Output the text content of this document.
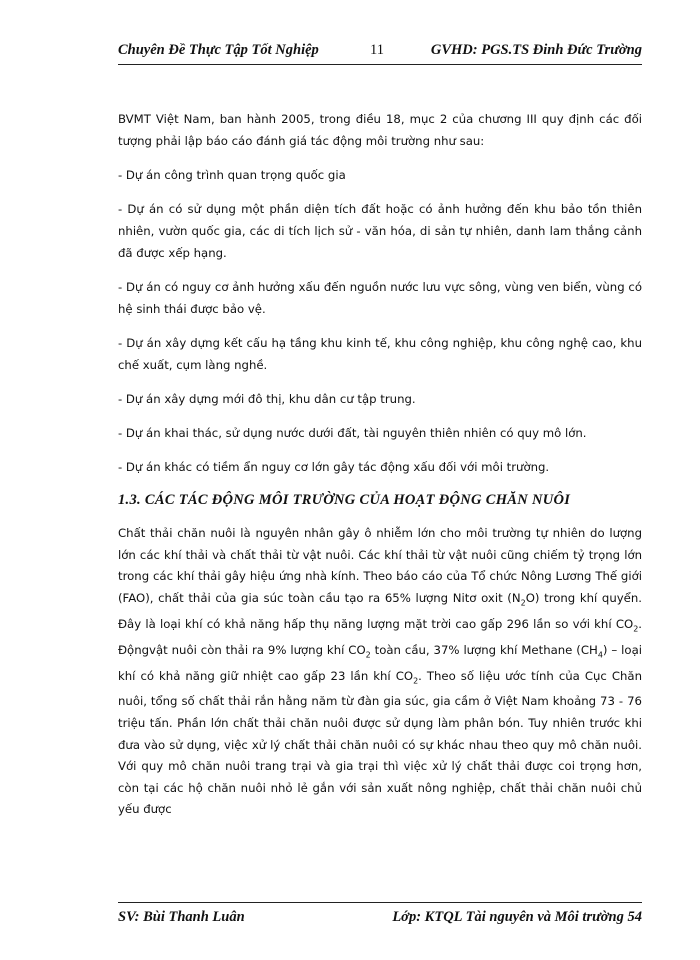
Chuyên Đề Thực Tập Tốt Nghiệp	11	GVHD: PGS.TS Đinh Đức Trường

BVMT Việt Nam, ban hành 2005, trong điều 18, mục 2 của chương III quy định các đối tượng phải lập báo cáo đánh giá tác động môi trường như sau:

- Dự án công trình quan trọng quốc gia

- Dự án có sử dụng một phần diện tích đất hoặc có ảnh hưởng đến khu bảo tồn thiên nhiên, vườn quốc gia, các di tích lịch sử - văn hóa, di sản tự nhiên, danh lam thắng cảnh đã được xếp hạng.

- Dự án có nguy cơ ảnh hưởng xấu đến nguồn nước lưu vực sông, vùng ven biển, vùng có hệ sinh thái được bảo vệ.

- Dự án xây dựng kết cấu hạ tầng khu kinh tế, khu công nghiệp, khu công nghệ cao, khu chế xuất, cụm làng nghề.

- Dự án xây dựng mới đô thị, khu dân cư tập trung.

- Dự án khai thác, sử dụng nước dưới đất, tài nguyên thiên nhiên có quy mô lớn.

- Dự án khác có tiềm ẩn nguy cơ lớn gây tác động xấu đối với môi trường.

1.3. CÁC TÁC ĐỘNG MÔI TRƯỜNG CỦA HOẠT ĐỘNG CHĂN NUÔI

Chất thải chăn nuôi là nguyên nhân gây ô nhiễm lớn cho môi trường tự nhiên do lượng lớn các khí thải và chất thải từ vật nuôi. Các khí thải từ vật nuôi cũng chiếm tỷ trọng lớn trong các khí thải gây hiệu ứng nhà kính. Theo báo cáo của Tổ chức Nông Lương Thế giới (FAO), chất thải của gia súc toàn cầu tạo ra 65% lượng Nitơ oxit $(N_2O)$ trong khí quyển. Đây là loại khí có khả năng hấp thụ năng lượng mặt trời cao gấp 296 lần so với khí $CO_2$. Độngvật nuôi còn thải ra 9% lượng khí $CO_2$ toàn cầu, 37% lượng khí Methane $(CH_4)$ – loại khí có khả năng giữ nhiệt cao gấp 23 lần khí $CO_2$. Theo số liệu ước tính của Cục Chăn nuôi, tổng số chất thải rắn hằng năm từ đàn gia súc, gia cầm ở Việt Nam khoảng 73 - 76 triệu tấn. Phần lớn chất thải chăn nuôi được sử dụng làm phân bón. Tuy nhiên trước khi đưa vào sử dụng, việc xử lý chất thải chăn nuôi có sự khác nhau theo quy mô chăn nuôi. Với quy mô chăn nuôi trang trại và gia trại thì việc xử lý chất thải được coi trọng hơn, còn tại các hộ chăn nuôi nhỏ lẻ gắn với sản xuất nông nghiệp, chất thải chăn nuôi chủ yếu được

SV: Bùi Thanh Luân	Lớp: KTQL Tài nguyên và Môi trường 54
